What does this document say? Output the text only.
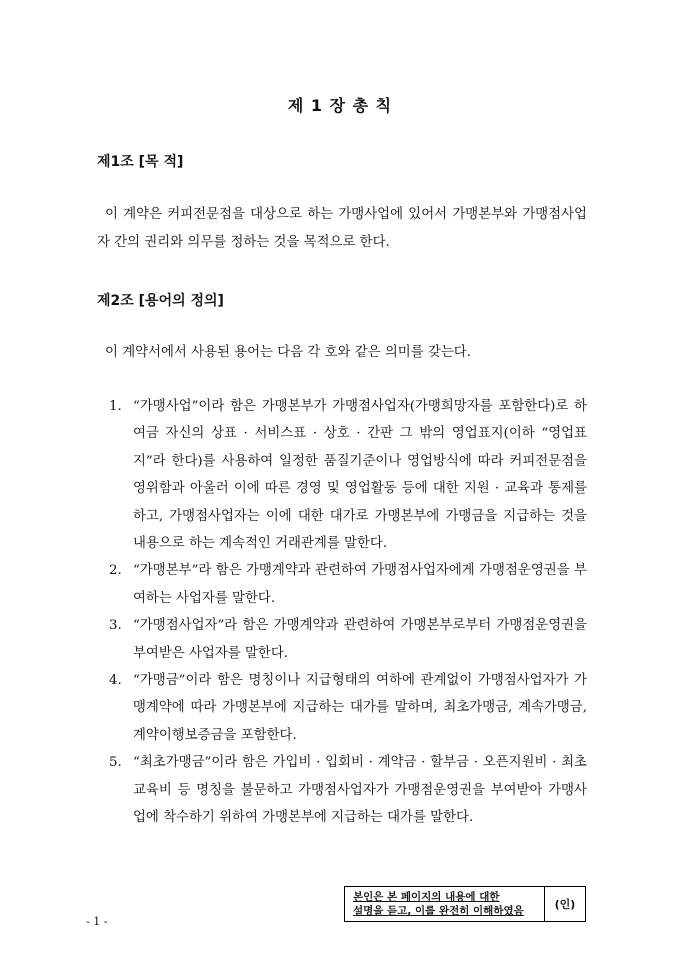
제 1 장 총 칙
제1조 [목 적]
이 계약은 커피전문점을 대상으로 하는 가맹사업에 있어서 가맹본부와 가맹점사업자 간의 권리와 의무를 정하는 것을 목적으로 한다.
제2조 [용어의 정의]
이 계약서에서 사용된 용어는 다음 각 호와 같은 의미를 갖는다.
1. “가맹사업”이라 함은 가맹본부가 가맹점사업자(가맹희망자를 포함한다)로 하여금 자신의 상표 · 서비스표 · 상호 · 간판 그 밖의 영업표지(이하 “영업표지”라 한다)를 사용하여 일정한 품질기준이나 영업방식에 따라 커피전문점을 영위함과 아울러 이에 따른 경영 및 영업활동 등에 대한 지원 · 교육과 통제를 하고, 가맹점사업자는 이에 대한 대가로 가맹본부에 가맹금을 지급하는 것을 내용으로 하는 계속적인 거래관계를 말한다.
2. “가맹본부”라 함은 가맹계약과 관련하여 가맹점사업자에게 가맹점운영권을 부여하는 사업자를 말한다.
3. “가맹점사업자”라 함은 가맹계약과 관련하여 가맹본부로부터 가맹점운영권을 부여받은 사업자를 말한다.
4. “가맹금”이라 함은 명칭이나 지급형태의 여하에 관계없이 가맹점사업자가 가맹계약에 따라 가맹본부에 지급하는 대가를 말하며, 최초가맹금, 계속가맹금, 계약이행보증금을 포함한다.
5. “최초가맹금”이라 함은 가입비 · 입회비 · 계약금 · 할부금 · 오픈지원비 · 최초교육비 등 명칭을 불문하고 가맹점사업자가 가맹점운영권을 부여받아 가맹사업에 착수하기 위하여 가맹본부에 지급하는 대가를 말한다.
본인은 본 페이지의 내용에 대한
설명을 듣고, 이를 완전히 이해하였음	(인)
- 1 -
